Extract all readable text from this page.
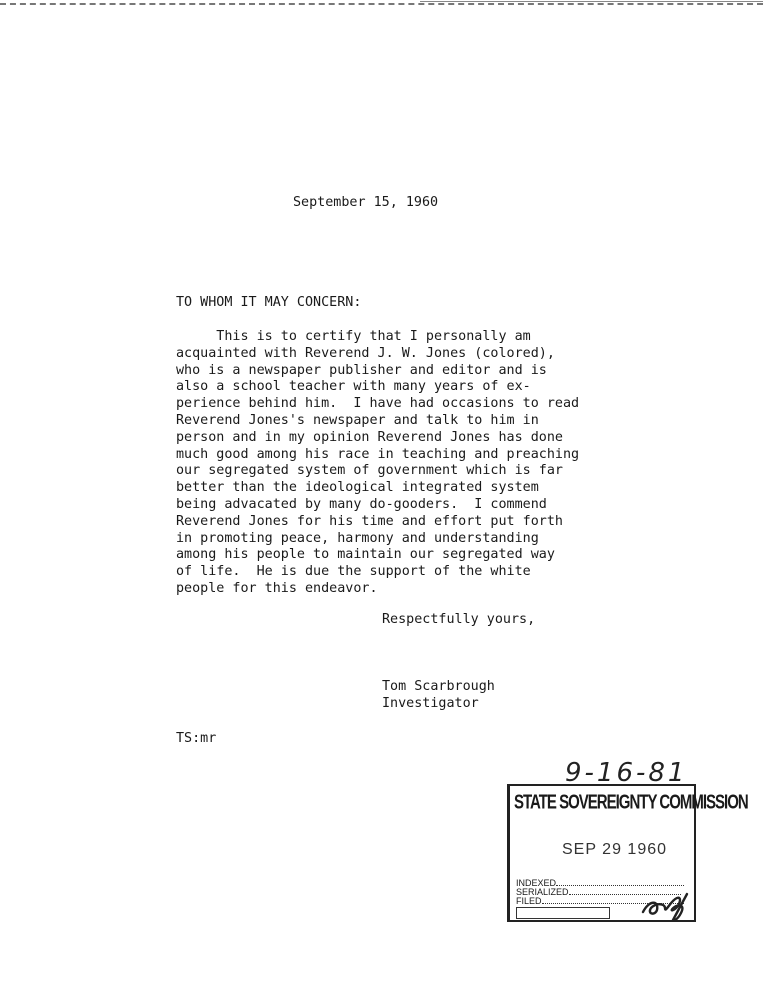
September 15, 1960
TO WHOM IT MAY CONCERN:
This is to certify that I personally am
acquainted with Reverend J. W. Jones (colored),
who is a newspaper publisher and editor and is
also a school teacher with many years of ex-
perience behind him.  I have had occasions to read
Reverend Jones's newspaper and talk to him in
person and in my opinion Reverend Jones has done
much good among his race in teaching and preaching
our segregated system of government which is far
better than the ideological integrated system
being advacated by many do-gooders.  I commend
Reverend Jones for his time and effort put forth
in promoting peace, harmony and understanding
among his people to maintain our segregated way
of life.  He is due the support of the white
people for this endeavor.
Respectfully yours,
Tom Scarbrough
Investigator
TS:mr
9-16-81
STATE SOVEREIGNTY COMMISSION
SEP 29 1960
INDEXED
SERIALIZED
FILED
